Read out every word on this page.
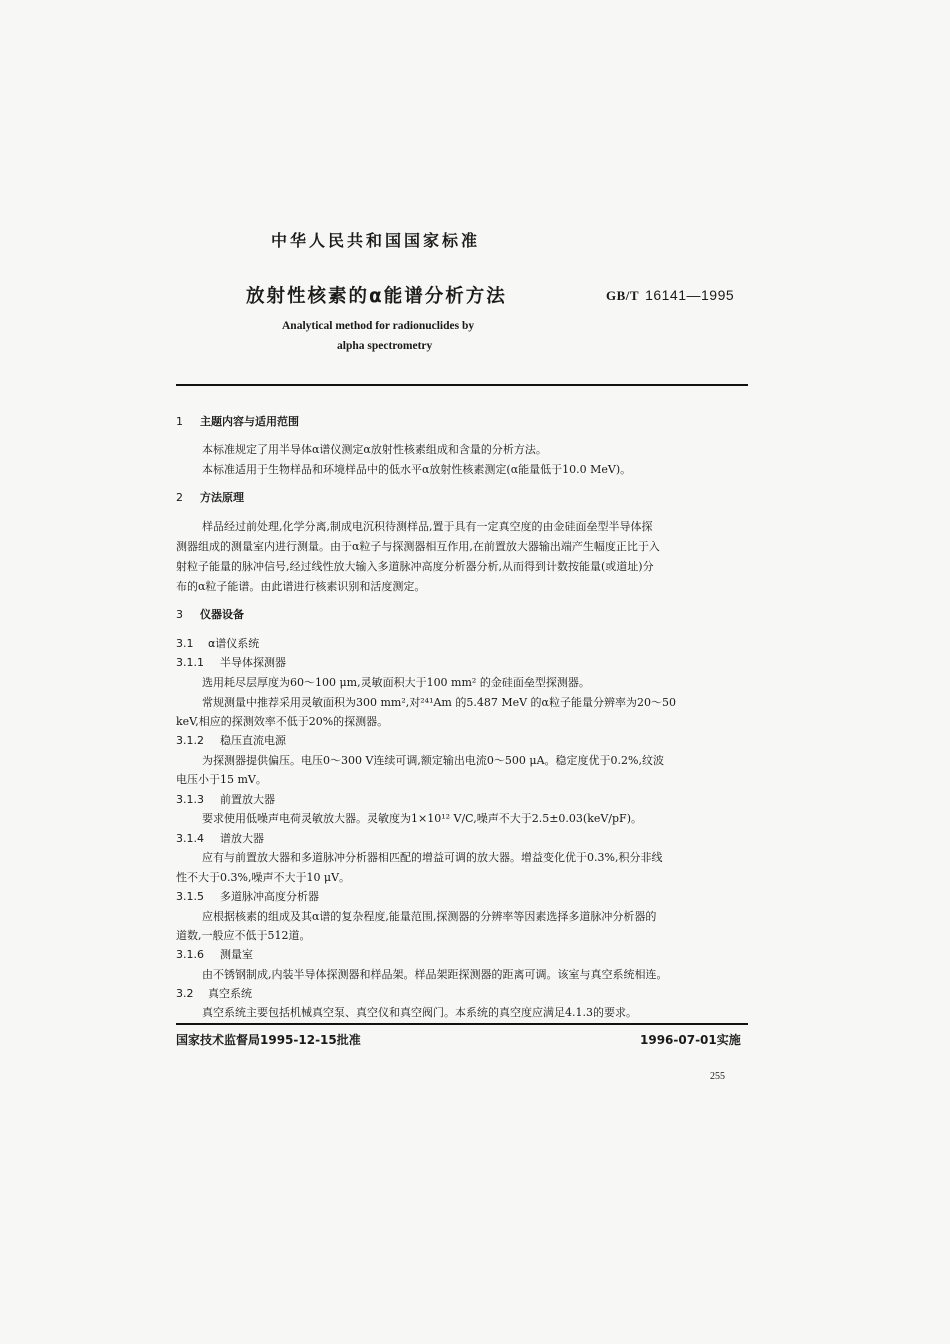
中华人民共和国国家标准
放射性核素的α能谱分析方法	GB/T 16141—1995
Analytical method for radionuclides by
alpha spectrometry
1 主题内容与适用范围
本标准规定了用半导体α谱仪测定α放射性核素组成和含量的分析方法。
本标准适用于生物样品和环境样品中的低水平α放射性核素测定(α能量低于10.0 MeV)。
2 方法原理
样品经过前处理,化学分离,制成电沉积待测样品,置于具有一定真空度的由金硅面垒型半导体探
测器组成的测量室内进行测量。由于α粒子与探测器相互作用,在前置放大器输出端产生幅度正比于入
射粒子能量的脉冲信号,经过线性放大输入多道脉冲高度分析器分析,从而得到计数按能量(或道址)分
布的α粒子能谱。由此谱进行核素识别和活度测定。
3 仪器设备
3.1 α谱仪系统
3.1.1 半导体探测器
选用耗尽层厚度为60～100 μm,灵敏面积大于100 mm² 的金硅面垒型探测器。
常规测量中推荐采用灵敏面积为300 mm²,对²⁴¹Am 的5.487 MeV 的α粒子能量分辨率为20～50
keV,相应的探测效率不低于20%的探测器。
3.1.2 稳压直流电源
为探测器提供偏压。电压0～300 V连续可调,额定输出电流0～500 μA。稳定度优于0.2%,纹波
电压小于15 mV。
3.1.3 前置放大器
要求使用低噪声电荷灵敏放大器。灵敏度为1×10¹² V/C,噪声不大于2.5±0.03(keV/pF)。
3.1.4 谱放大器
应有与前置放大器和多道脉冲分析器相匹配的增益可调的放大器。增益变化优于0.3%,积分非线
性不大于0.3%,噪声不大于10 μV。
3.1.5 多道脉冲高度分析器
应根据核素的组成及其α谱的复杂程度,能量范围,探测器的分辨率等因素选择多道脉冲分析器的
道数,一般应不低于512道。
3.1.6 测量室
由不锈钢制成,内装半导体探测器和样品架。样品架距探测器的距离可调。该室与真空系统相连。
3.2 真空系统
真空系统主要包括机械真空泵、真空仪和真空阀门。本系统的真空度应满足4.1.3的要求。
国家技术监督局1995-12-15批准	1996-07-01实施
255
